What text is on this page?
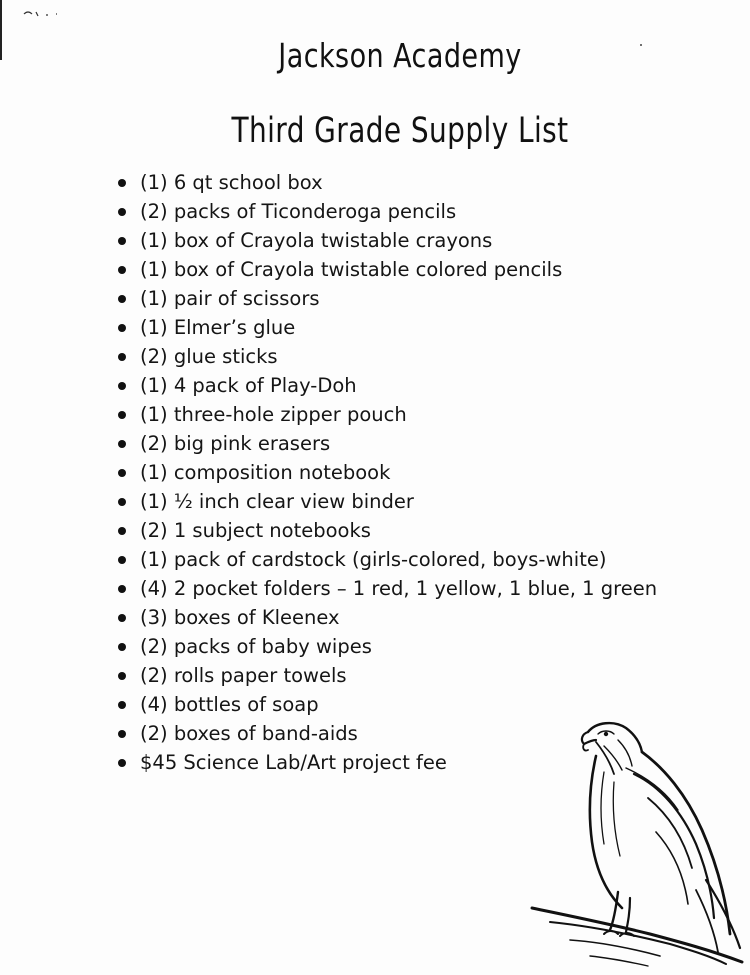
Jackson Academy
Third Grade Supply List
(1) 6 qt school box
(2) packs of Ticonderoga pencils
(1) box of Crayola twistable crayons
(1) box of Crayola twistable colored pencils
(1) pair of scissors
(1) Elmer’s glue
(2) glue sticks
(1) 4 pack of Play-Doh
(1) three-hole zipper pouch
(2) big pink erasers
(1) composition notebook
(1) ½ inch clear view binder
(2) 1 subject notebooks
(1) pack of cardstock (girls-colored, boys-white)
(4) 2 pocket folders – 1 red, 1 yellow, 1 blue, 1 green
(3) boxes of Kleenex
(2) packs of baby wipes
(2) rolls paper towels
(4) bottles of soap
(2) boxes of band-aids
$45 Science Lab/Art project fee
